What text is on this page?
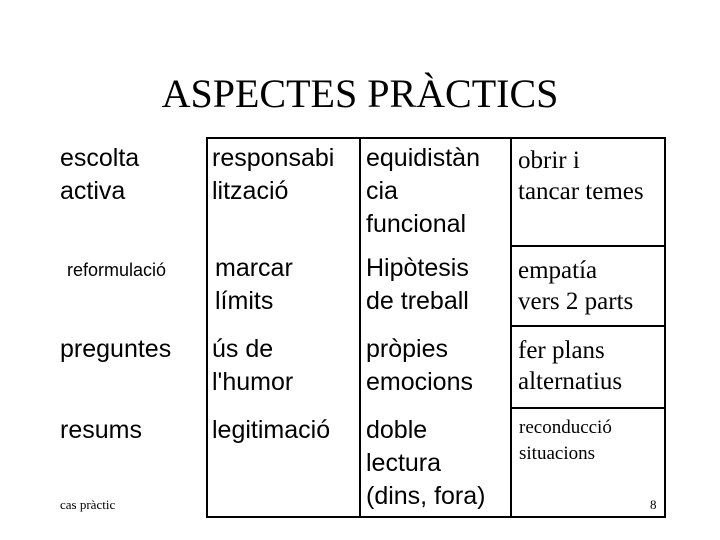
ASPECTES PRÀCTICS
escolta
activa
reformulació
preguntes
resums
cas pràctic
responsabi
lització
marcar
límits
ús de
l'humor
legitimació
equidistàn
cia
funcional
Hipòtesis
de treball
pròpies
emocions
doble
lectura
(dins, fora)
obrir i
tancar temes
empatía
vers 2 parts
fer plans
alternatius
reconducció
situacions
8
